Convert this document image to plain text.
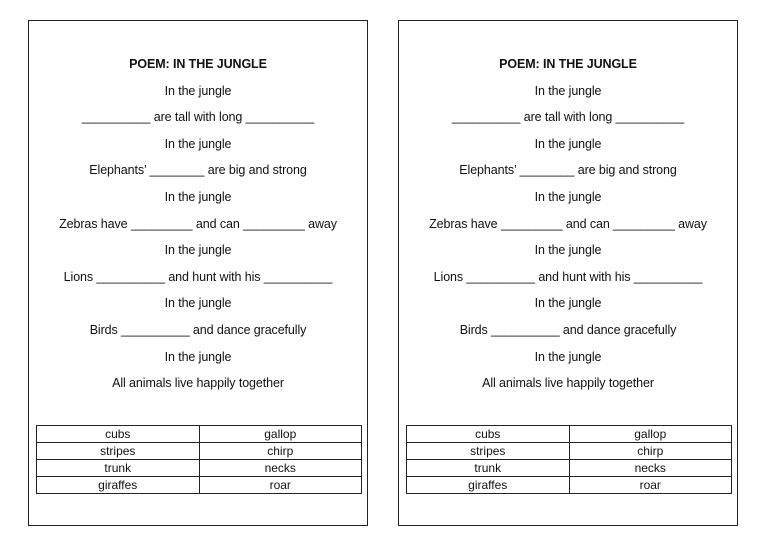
POEM: IN THE JUNGLE
In the jungle
__________ are tall with long __________
In the jungle
Elephants’ ________ are big and strong
In the jungle
Zebras have _________ and can _________ away
In the jungle
Lions __________ and hunt with his __________
In the jungle
Birds __________ and dance gracefully
In the jungle
All animals live happily together
cubs	gallop
stripes	chirp
trunk	necks
giraffes	roar
POEM: IN THE JUNGLE
In the jungle
__________ are tall with long __________
In the jungle
Elephants’ ________ are big and strong
In the jungle
Zebras have _________ and can _________ away
In the jungle
Lions __________ and hunt with his __________
In the jungle
Birds __________ and dance gracefully
In the jungle
All animals live happily together
cubs	gallop
stripes	chirp
trunk	necks
giraffes	roar
